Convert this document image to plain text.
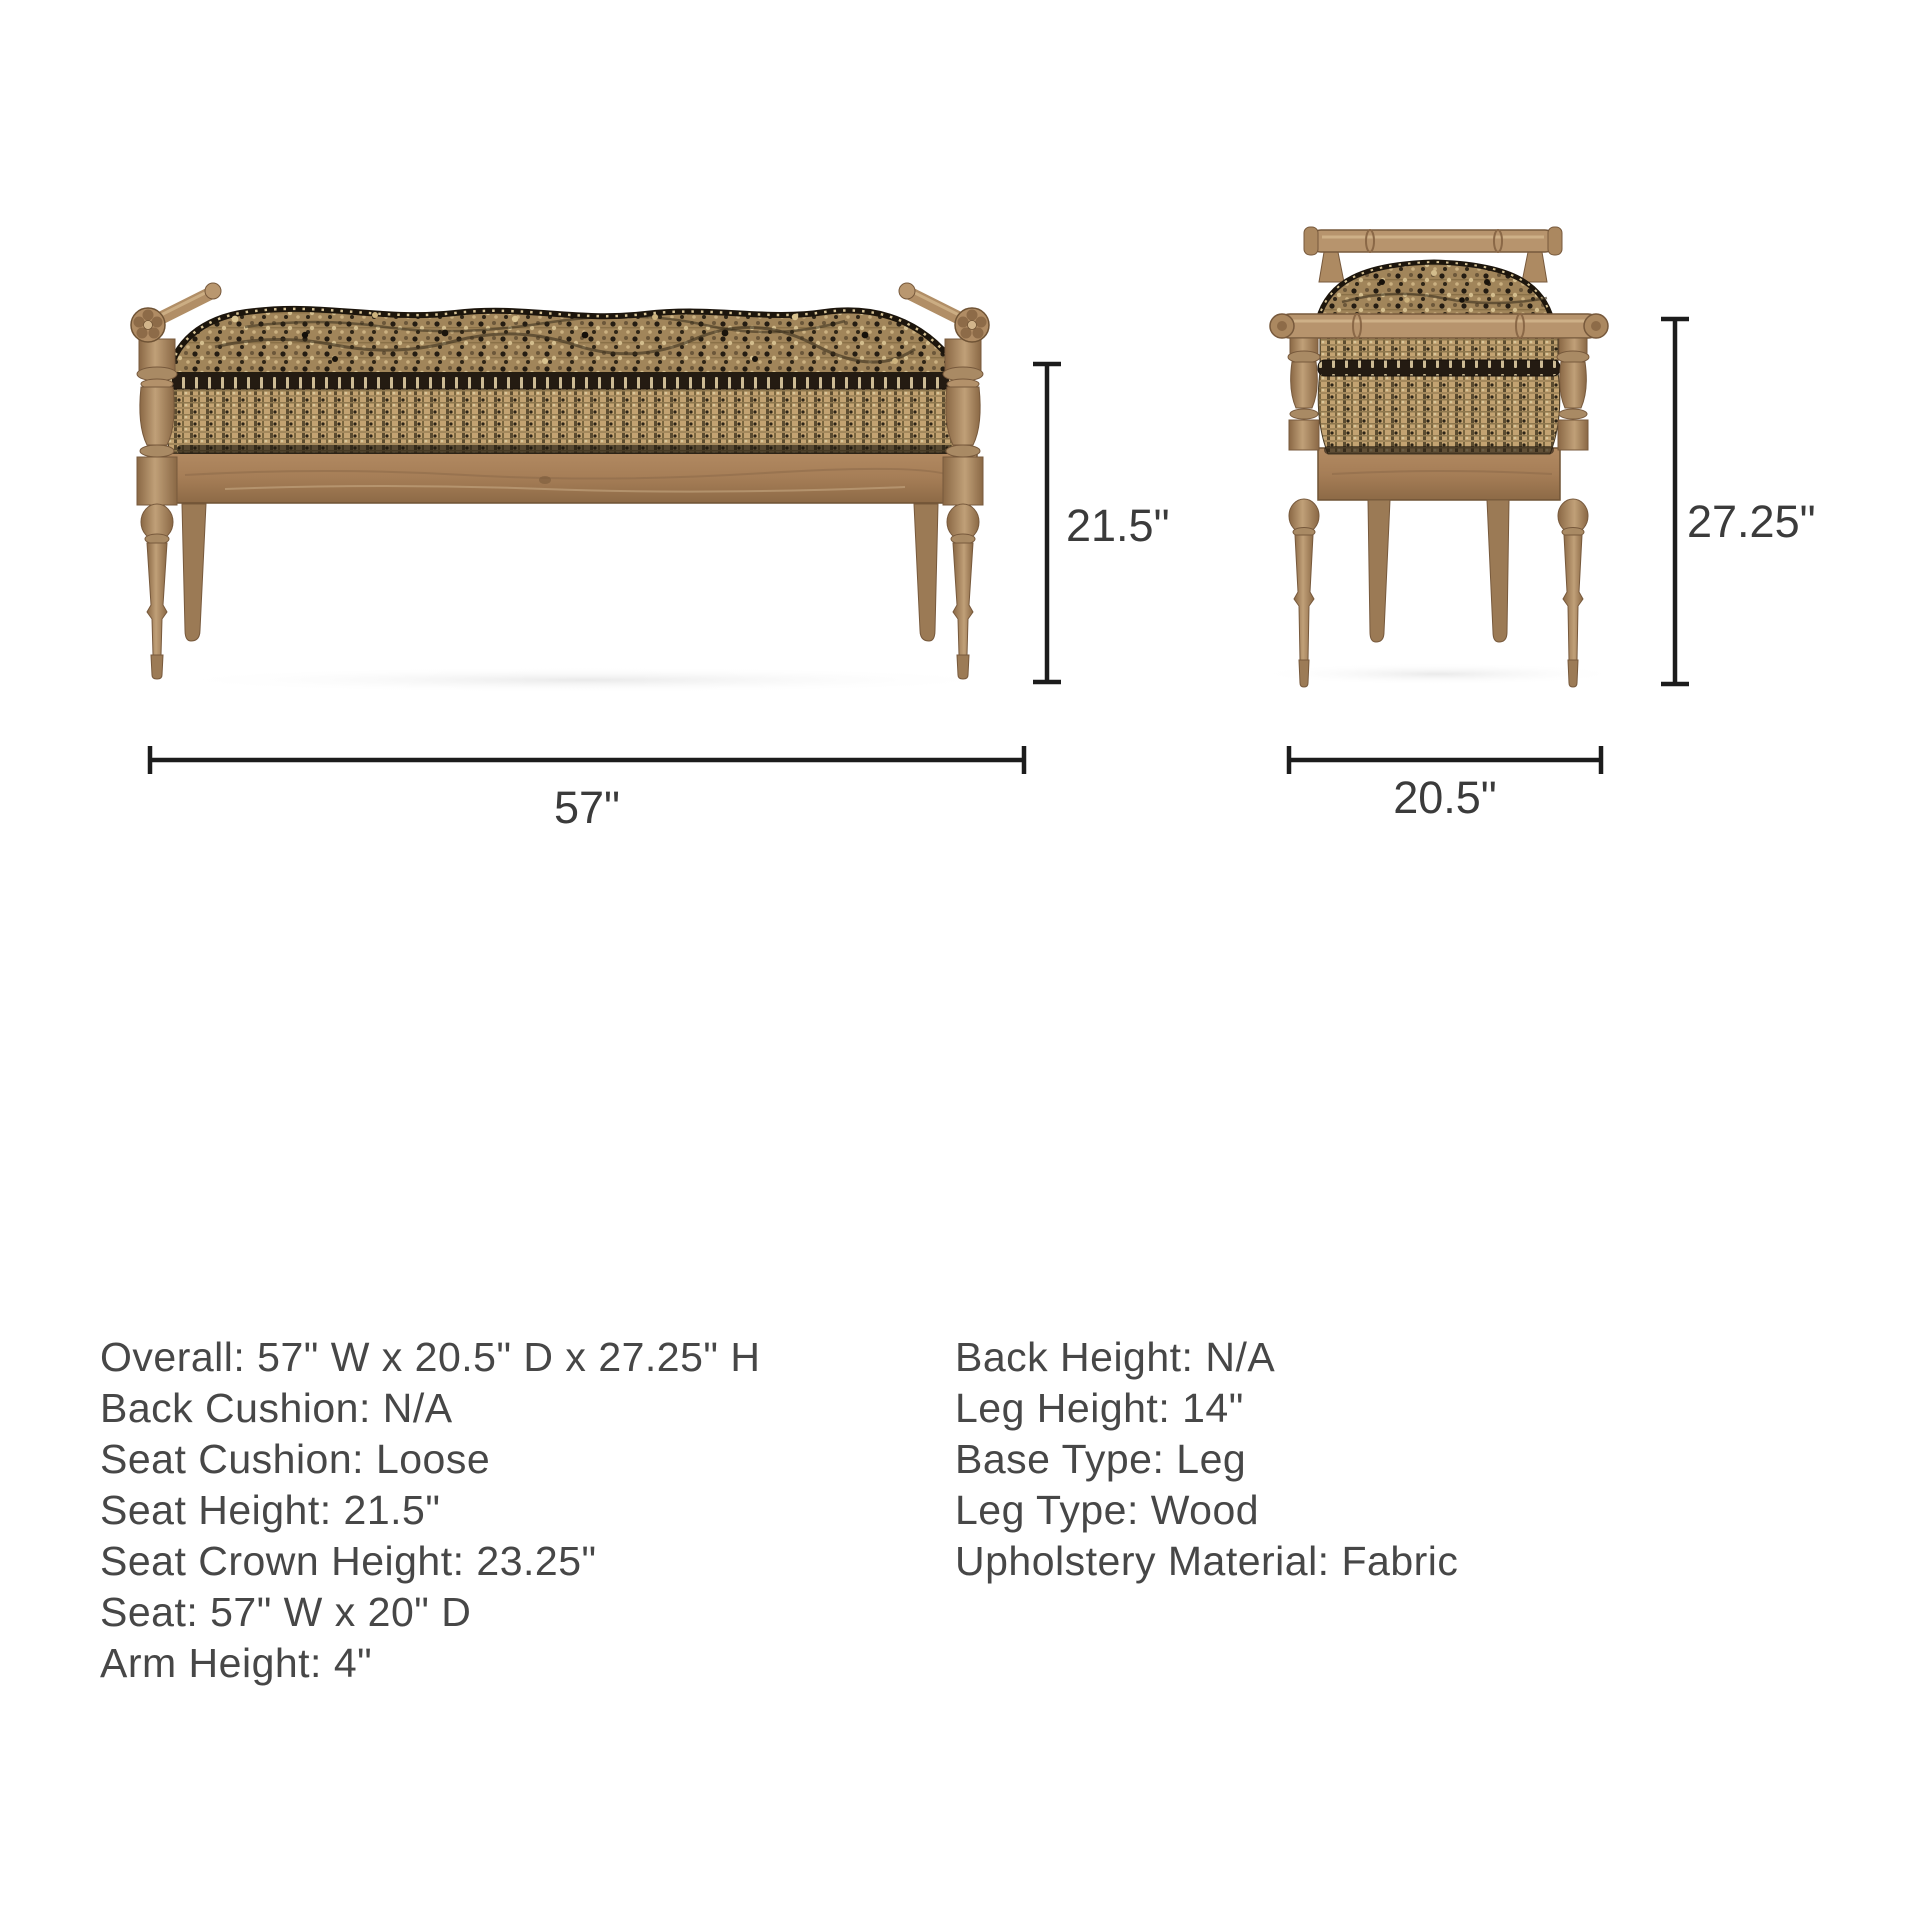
21.5"	27.25"
57"	20.5"
Overall: 57" W x 20.5" D x 27.25" H
Back Cushion: N/A
Seat Cushion: Loose
Seat Height: 21.5"
Seat Crown Height: 23.25"
Seat: 57" W x 20" D
Arm Height: 4"
Back Height: N/A
Leg Height: 14"
Base Type: Leg
Leg Type: Wood
Upholstery Material: Fabric
